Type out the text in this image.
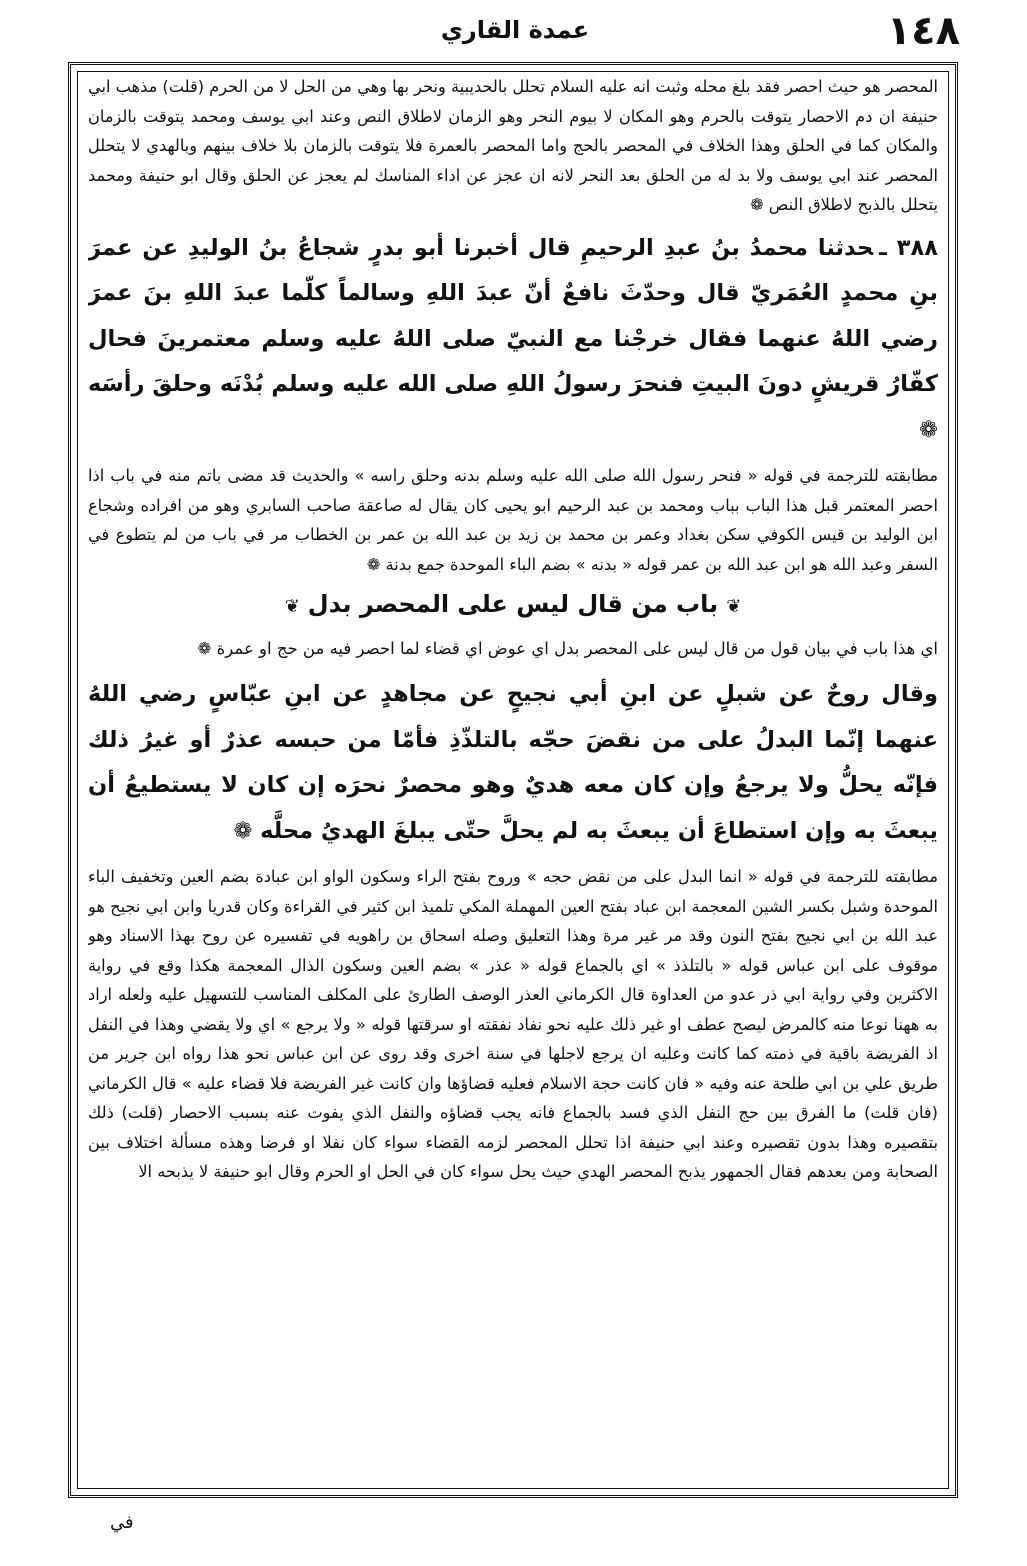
١٤٨
عمدة القاري

المحصر هو حيث احصر فقد بلغ محله وثبت انه عليه السلام تحلل بالحديبية ونحر بها وهي من الحل لا من الحرم (قلت) مذهب ابي حنيفة ان دم الاحصار يتوقت بالحرم وهو المكان لا بيوم النحر وهو الزمان لاطلاق النص وعند ابي يوسف ومحمد يتوقت بالزمان والمكان كما في الحلق وهذا الخلاف في المحصر بالحج واما المحصر بالعمرة فلا يتوقت بالزمان بلا خلاف بينهم وبالهدي لا يتحلل المحصر عند ابي يوسف ولا بد له من الحلق بعد النحر لانه ان عجز عن اداء المناسك لم يعجز عن الحلق وقال ابو حنيفة ومحمد يتحلل بالذبح لاطلاق النص ❁

٣٨٨ ـحدثنا محمدُ بنُ عبدِ الرحيمِ قال أخبرنا أبو بدرٍ شجاعُ بنُ الوليدِ عن عمرَ بنِ محمدٍ العُمَريّ قال وحدّثَ نافعٌ أنّ عبدَ اللهِ وسالماً كلّما عبدَ اللهِ بنَ عمرَ رضي اللهُ عنهما فقال خرجْنا مع النبيّ صلى اللهُ عليه وسلم معتمرينَ فحال كفّارُ قريشٍ دونَ البيتِ فنحرَ رسولُ اللهِ صلى الله عليه وسلم بُدْنَه وحلقَ رأسَه ❁

مطابقته للترجمة في قوله « فنحر رسول الله صلى الله عليه وسلم بدنه وحلق راسه » والحديث قد مضى باتم منه في باب اذا احصر المعتمر قبل هذا الباب بباب ومحمد بن عبد الرحيم ابو يحيى كان يقال له صاعقة صاحب السابري وهو من افراده وشجاع ابن الوليد بن قيس الكوفي سكن بغداد وعمر بن محمد بن زيد بن عبد الله بن عمر بن الخطاب مر في باب من لم يتطوع في السفر وعبد الله هو ابن عبد الله بن عمر قوله « بدنه » بضم الباء الموحدة جمع بدنة ❁

❦باب من قال ليس على المحصر بدل❦

اي هذا باب في بيان قول من قال ليس على المحصر بدل اي عوض اي قضاء لما احصر فيه من حج او عمرة ❁

وقال روحٌ عن شبلٍ عن ابنِ أبي نجيحٍ عن مجاهدٍ عن ابنِ عبّاسٍ رضي اللهُ عنهما إنّما البدلُ على من نقضَ حجّه بالتلذّذِ فأمّا من حبسه عذرٌ أو غيرُ ذلك فإنّه يحلُّ ولا يرجعُ وإن كان معه هديٌ وهو محصرٌ نحرَه إن كان لا يستطيعُ أن يبعثَ به وإن استطاعَ أن يبعثَ به لم يحلَّ حتّى يبلغَ الهديُ محلَّه ❁

مطابقته للترجمة في قوله « انما البدل على من نقض حجه » وروح بفتح الراء وسكون الواو ابن عبادة بضم العين وتخفيف الباء الموحدة وشبل بكسر الشين المعجمة ابن عباد بفتح العين المهملة المكي تلميذ ابن كثير في القراءة وكان قدريا وابن ابي نجيح هو عبد الله بن ابي نجيح بفتح النون وقد مر غير مرة وهذا التعليق وصله اسحاق بن راهويه في تفسيره عن روح بهذا الاسناد وهو موقوف على ابن عباس قوله « بالتلذذ » اي بالجماع قوله « عذر » بضم العين وسكون الذال المعجمة هكذا وقع في رواية الاكثرين وفي رواية ابي ذر عدو من العداوة قال الكرماني العذر الوصف الطارئ على المكلف المناسب للتسهيل عليه ولعله اراد به ههنا نوعا منه كالمرض ليصح عطف او غير ذلك عليه نحو نفاد نفقته او سرقتها قوله « ولا يرجع » اي ولا يقضي وهذا في النفل اذ الفريضة باقية في ذمته كما كانت وعليه ان يرجع لاجلها في سنة اخرى وقد روى عن ابن عباس نحو هذا رواه ابن جرير من طريق علي بن ابي طلحة عنه وفيه « فان كانت حجة الاسلام فعليه قضاؤها وان كانت غير الفريضة فلا قضاء عليه » قال الكرماني (فان قلت) ما الفرق بين حج النفل الذي فسد بالجماع فانه يجب قضاؤه والنفل الذي يفوت عنه بسبب الاحصار (قلت) ذلك بتقصيره وهذا بدون تقصيره وعند ابي حنيفة اذا تحلل المحصر لزمه القضاء سواء كان نفلا او فرضا وهذه مسألة اختلاف بين الصحابة ومن بعدهم فقال الجمهور يذبح المحصر الهدي حيث يحل سواء كان في الحل او الحرم وقال ابو حنيفة لا يذبحه الا

في
